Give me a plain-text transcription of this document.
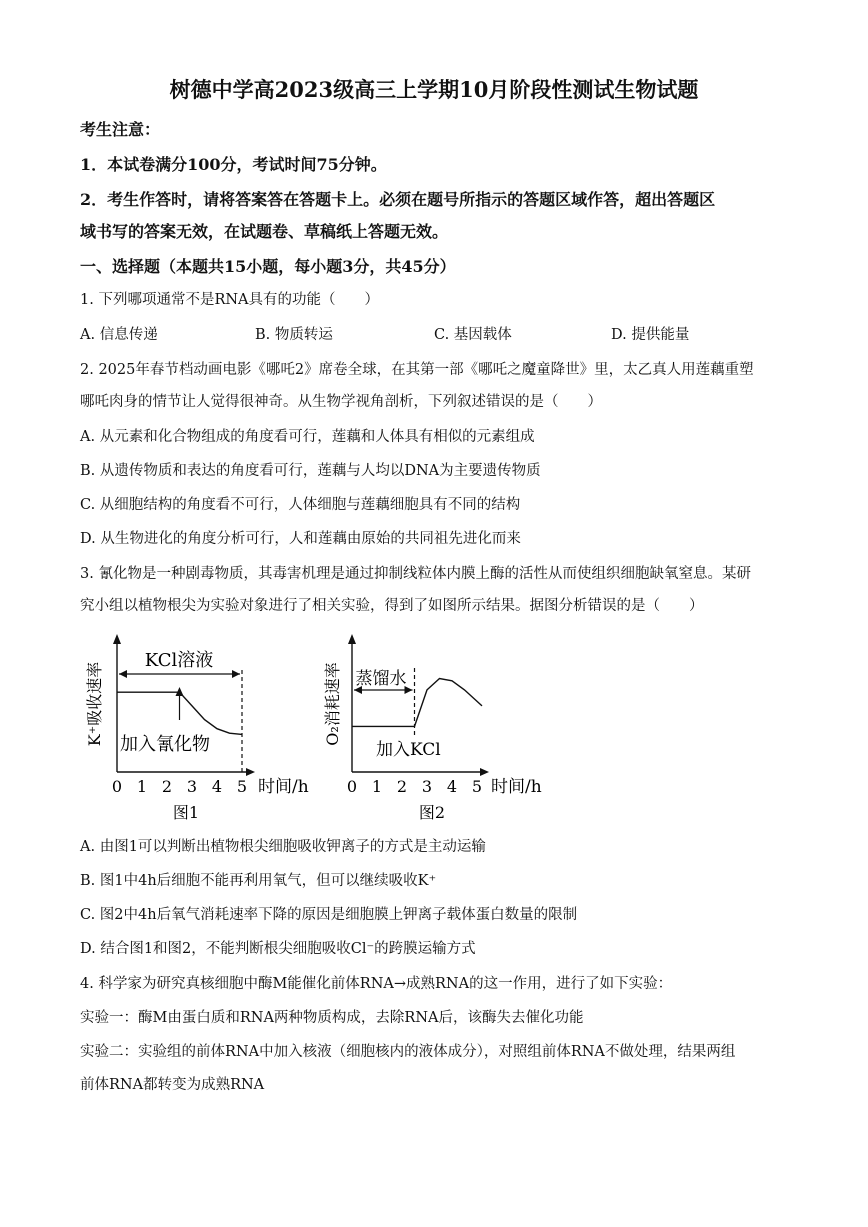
树德中学高2023级高三上学期10月阶段性测试生物试题
考生注意：
1．本试卷满分100分，考试时间75分钟。
2．考生作答时，请将答案答在答题卡上。必须在题号所指示的答题区域作答，超出答题区
域书写的答案无效，在试题卷、草稿纸上答题无效。
一、选择题（本题共15小题，每小题3分，共45分）
1. 下列哪项通常不是RNA具有的功能（　　）
A. 信息传递	B. 物质转运	C. 基因载体	D. 提供能量
2. 2025年春节档动画电影《哪吒2》席卷全球，在其第一部《哪吒之魔童降世》里，太乙真人用莲藕重塑
哪吒肉身的情节让人觉得很神奇。从生物学视角剖析，下列叙述错误的是（　　）
A. 从元素和化合物组成的角度看可行，莲藕和人体具有相似的元素组成
B. 从遗传物质和表达的角度看可行，莲藕与人均以DNA为主要遗传物质
C. 从细胞结构的角度看不可行，人体细胞与莲藕细胞具有不同的结构
D. 从生物进化的角度分析可行，人和莲藕由原始的共同祖先进化而来
3. 氰化物是一种剧毒物质，其毒害机理是通过抑制线粒体内膜上酶的活性从而使组织细胞缺氧窒息。某研
究小组以植物根尖为实验对象进行了相关实验，得到了如图所示结果。据图分析错误的是（　　）
K⁺吸收速率
KCl溶液
0 1 2 3 4 5
加入氰化物
时间/h
图1
O₂消耗速率 蒸馏水
0 1 2 3 4 5
加入KCl
时间/h
图2
A. 由图1可以判断出植物根尖细胞吸收钾离子的方式是主动运输
B. 图1中4h后细胞不能再利用氧气，但可以继续吸收K⁺
C. 图2中4h后氧气消耗速率下降的原因是细胞膜上钾离子载体蛋白数量的限制
D. 结合图1和图2，不能判断根尖细胞吸收Cl⁻的跨膜运输方式
4. 科学家为研究真核细胞中酶M能催化前体RNA→成熟RNA的这一作用，进行了如下实验：
实验一：酶M由蛋白质和RNA两种物质构成，去除RNA后，该酶失去催化功能
实验二：实验组的前体RNA中加入核液（细胞核内的液体成分），对照组前体RNA不做处理，结果两组
前体RNA都转变为成熟RNA
